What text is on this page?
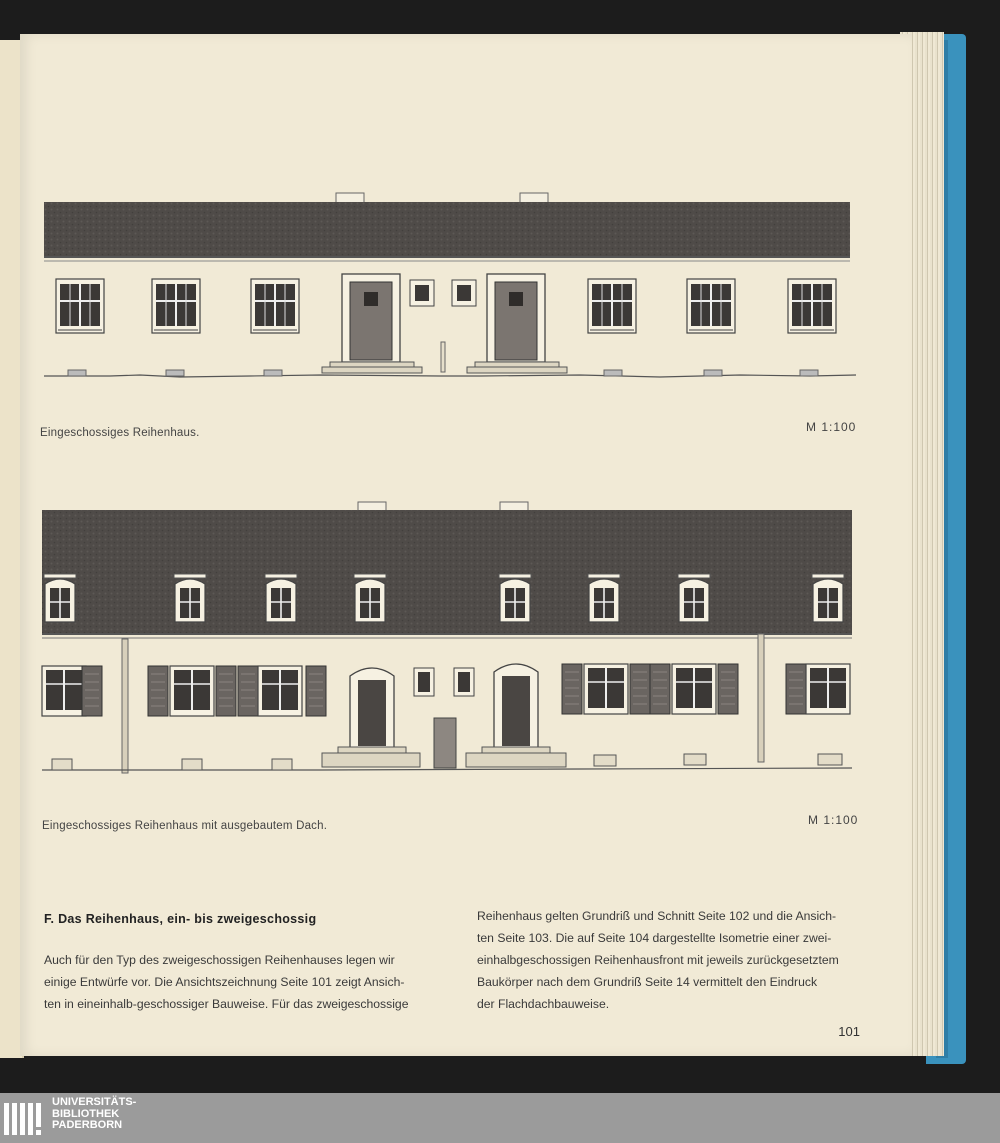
Eingeschossiges Reihenhaus.	M 1:100
Eingeschossiges Reihenhaus mit ausgebautem Dach.	M 1:100
F. Das Reihenhaus, ein- bis zweigeschossig
Auch für den Typ des zweigeschossigen Reihenhauses legen wir
einige Entwürfe vor. Die Ansichtszeichnung Seite 101 zeigt Ansich-
ten in eineinhalb-geschossiger Bauweise. Für das zweigeschossige
Reihenhaus gelten Grundriß und Schnitt Seite 102 und die Ansich-
ten Seite 103. Die auf Seite 104 dargestellte Isometrie einer zwei-
einhalbgeschossigen Reihenhausfront mit jeweils zurückgesetztem
Baukörper nach dem Grundriß Seite 14 vermittelt den Eindruck
der Flachdachbauweise.
101
UNIVERSITÄTS-
BIBLIOTHEK
PADERBORN
